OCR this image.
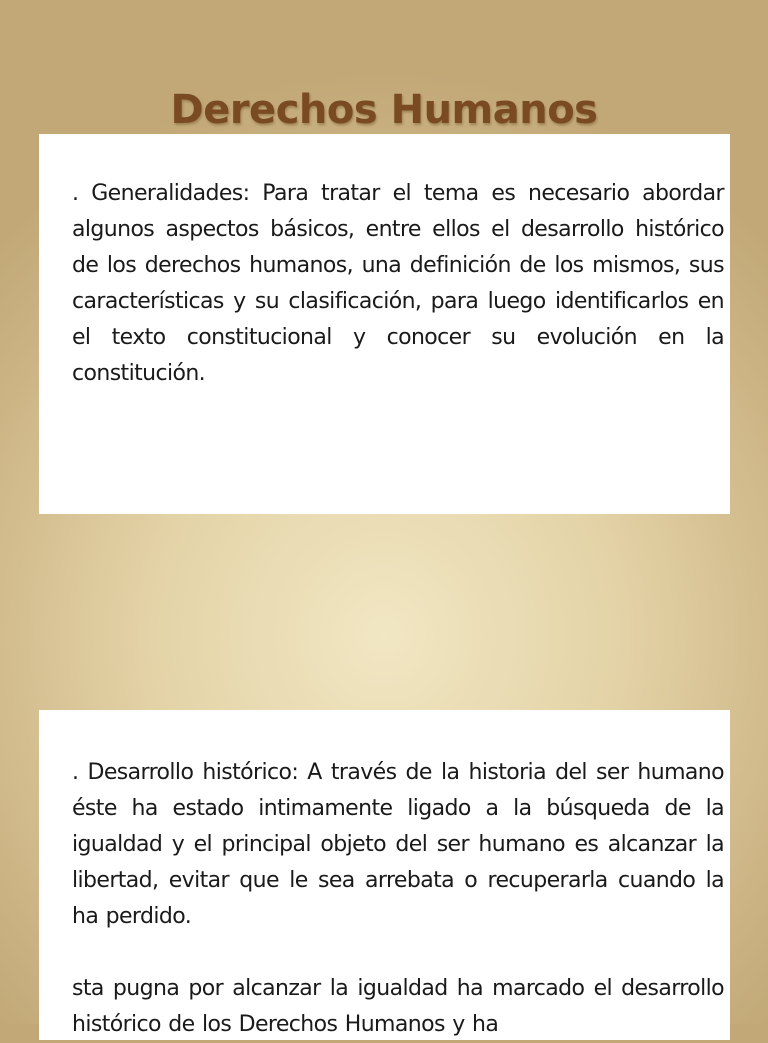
Derechos Humanos

. Generalidades: Para tratar el tema es necesario abordar algunos aspectos básicos, entre ellos el desarrollo histórico de los derechos humanos, una definición de los mismos, sus características y su clasificación, para luego identificarlos en el texto constitucional y conocer su evolución en la constitución.

. Desarrollo histórico: A través de la historia del ser humano éste ha estado intimamente ligado a la búsqueda de la igualdad y el principal objeto del ser humano es alcanzar la libertad, evitar que le sea arrebata o recuperarla cuando la ha perdido.

sta pugna por alcanzar la igualdad ha marcado el desarrollo histórico de los Derechos Humanos y ha
